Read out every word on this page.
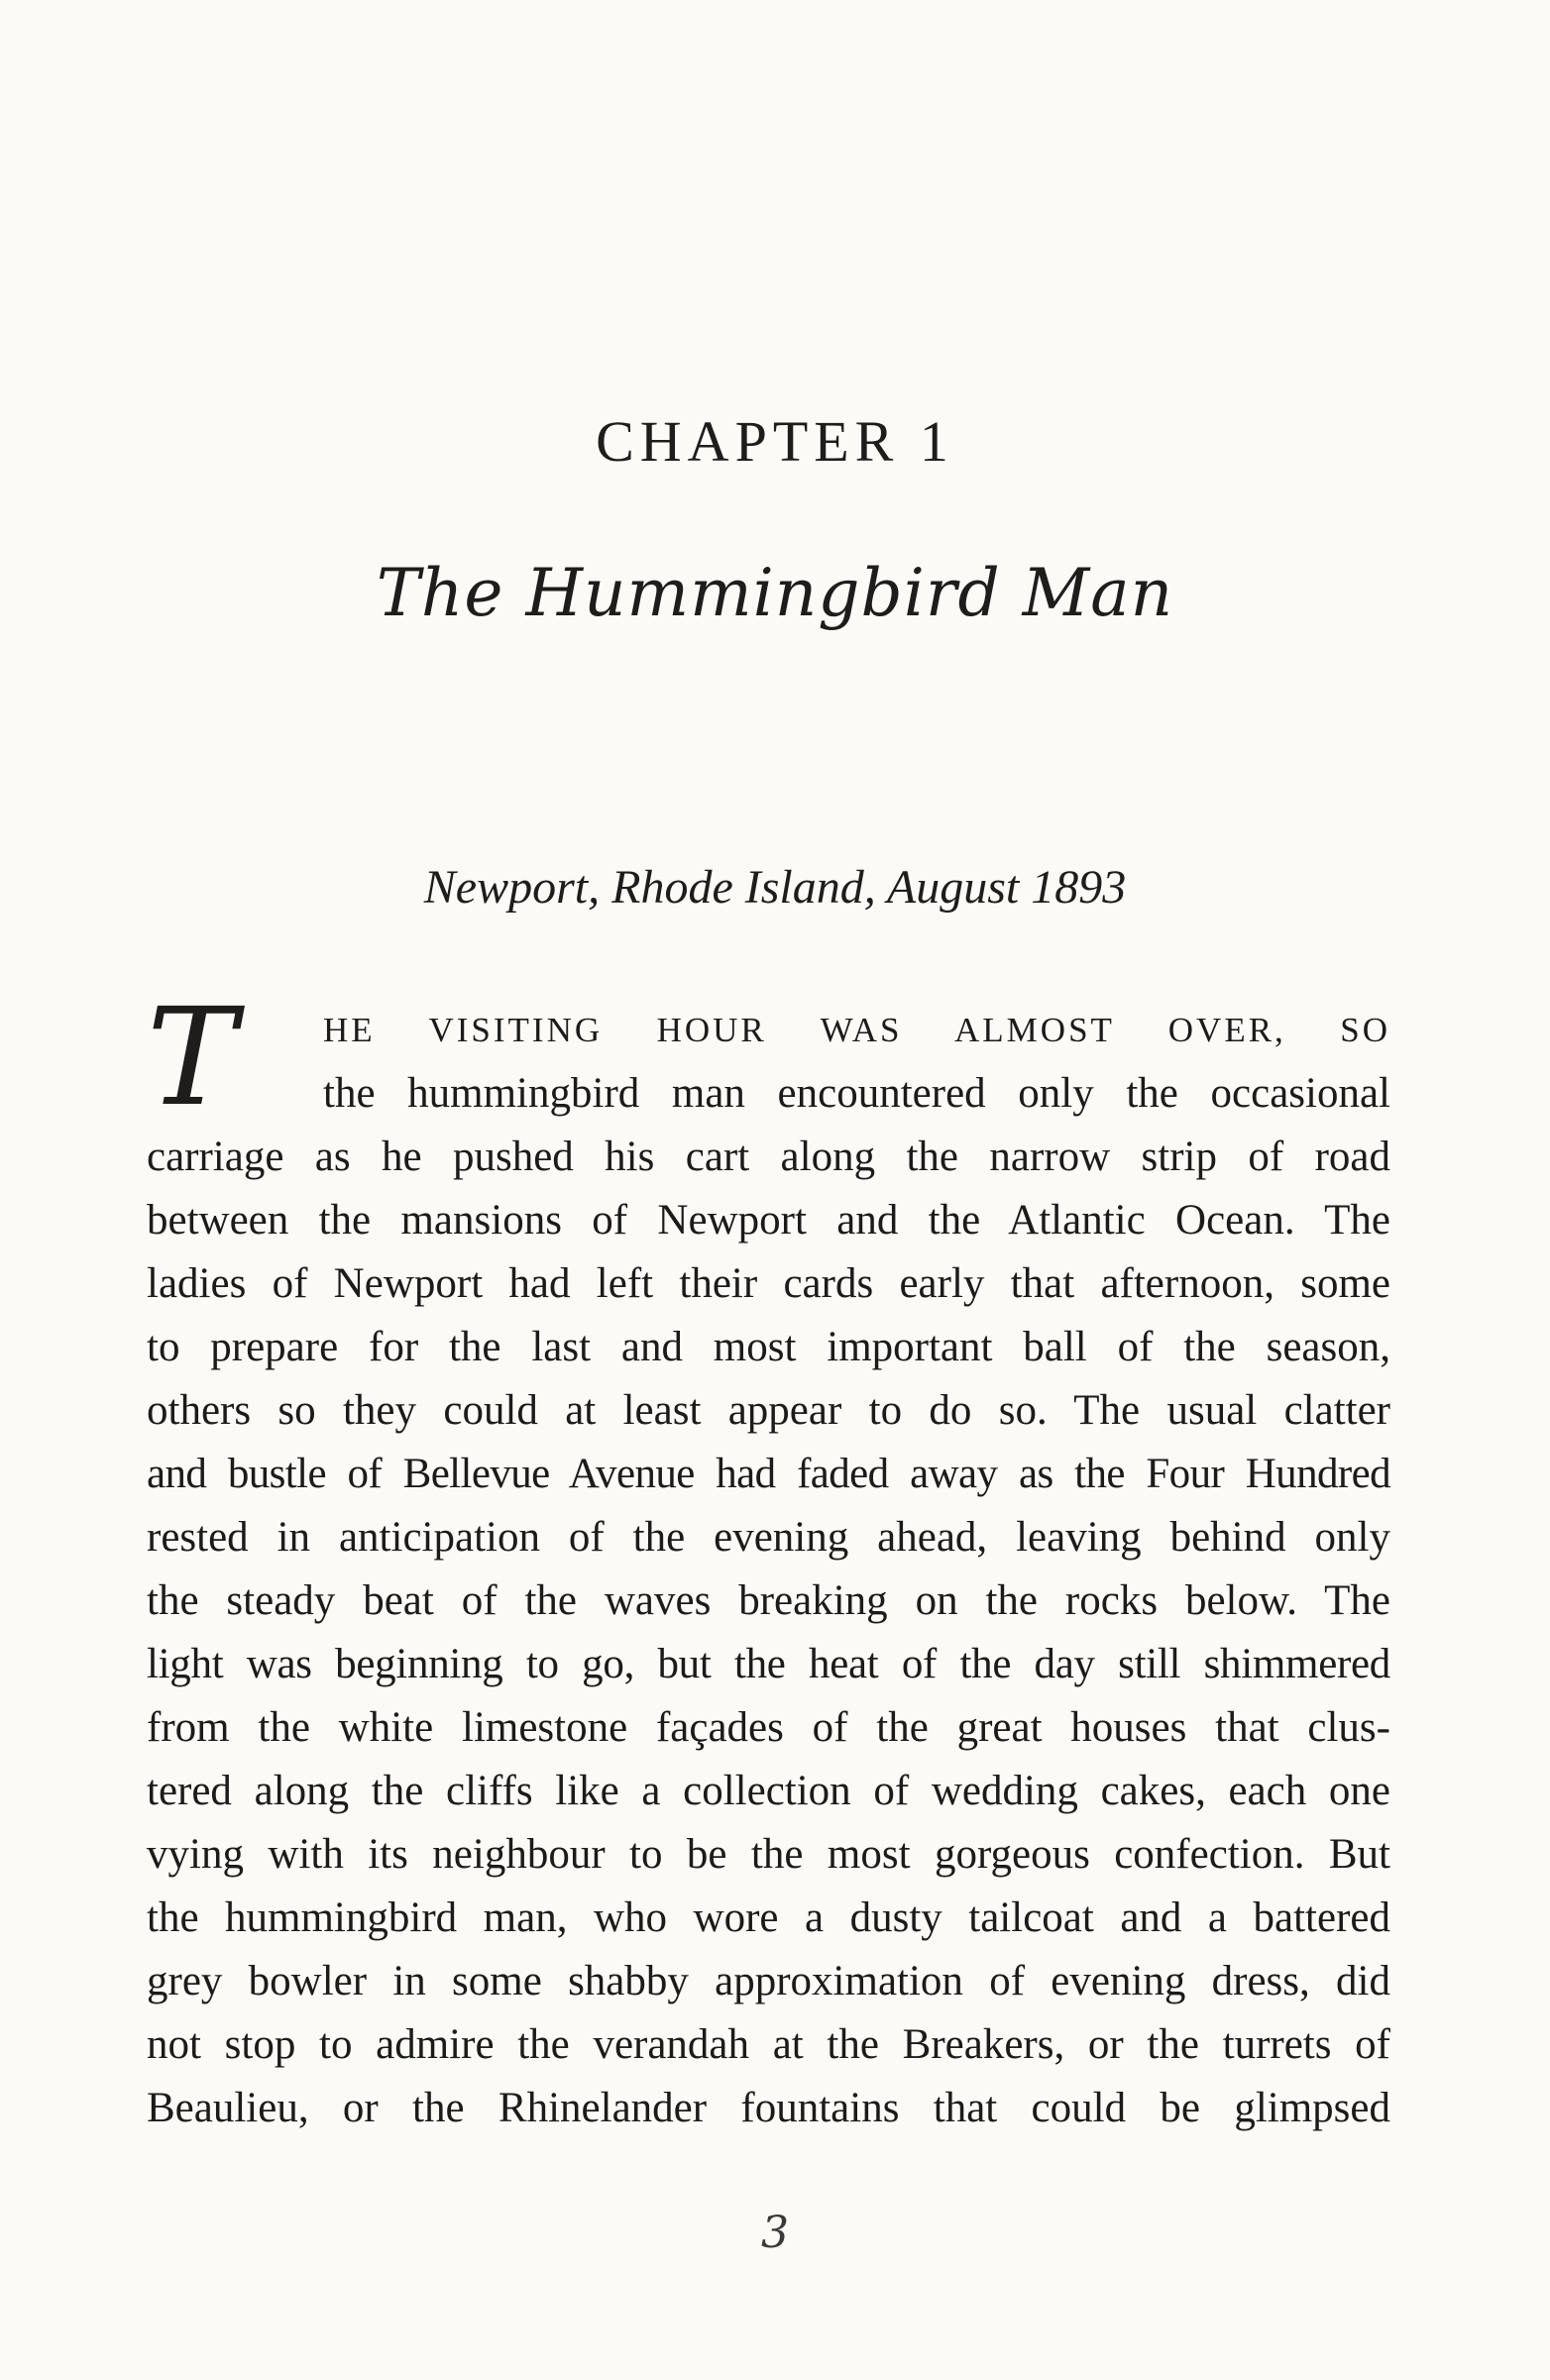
CHAPTER 1
The Hummingbird Man
Newport, Rhode Island, August 1893
T	HE VISITING HOUR WAS ALMOST OVER, SO
the hummingbird man encountered only the occasional
carriage as he pushed his cart along the narrow strip of road
between the mansions of Newport and the Atlantic Ocean. The
ladies of Newport had left their cards early that afternoon, some
to prepare for the last and most important ball of the season,
others so they could at least appear to do so. The usual clatter
and bustle of Bellevue Avenue had faded away as the Four Hundred
rested in anticipation of the evening ahead, leaving behind only
the steady beat of the waves breaking on the rocks below. The
light was beginning to go, but the heat of the day still shimmered
from the white limestone façades of the great houses that clus-
tered along the cliffs like a collection of wedding cakes, each one
vying with its neighbour to be the most gorgeous confection. But
the hummingbird man, who wore a dusty tailcoat and a battered
grey bowler in some shabby approximation of evening dress, did
not stop to admire the verandah at the Breakers, or the turrets of
Beaulieu, or the Rhinelander fountains that could be glimpsed
3
